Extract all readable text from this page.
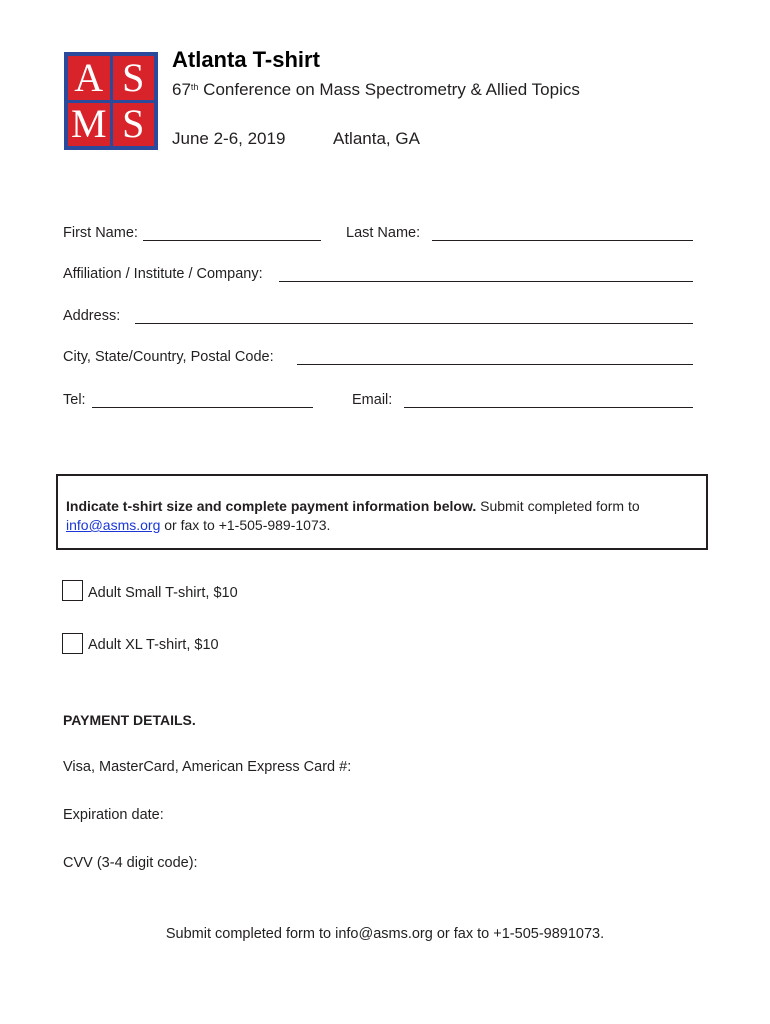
A S
M S
Atlanta T-shirt
67th Conference on Mass Spectrometry & Allied Topics
June 2-6, 2019	Atlanta, GA
First Name:	Last Name:
Affiliation / Institute / Company:
Address:
City, State/Country, Postal Code:
Tel:	Email:
Indicate t-shirt size and complete payment information below. Submit completed form to
info@asms.org or fax to +1-505-989-1073.
Adult Small T-shirt, $10
Adult XL T-shirt, $10
PAYMENT DETAILS.
Visa, MasterCard, American Express Card #:
Expiration date:
CVV (3-4 digit code):
Submit completed form to info@asms.org or fax to +1-505-9891073.
